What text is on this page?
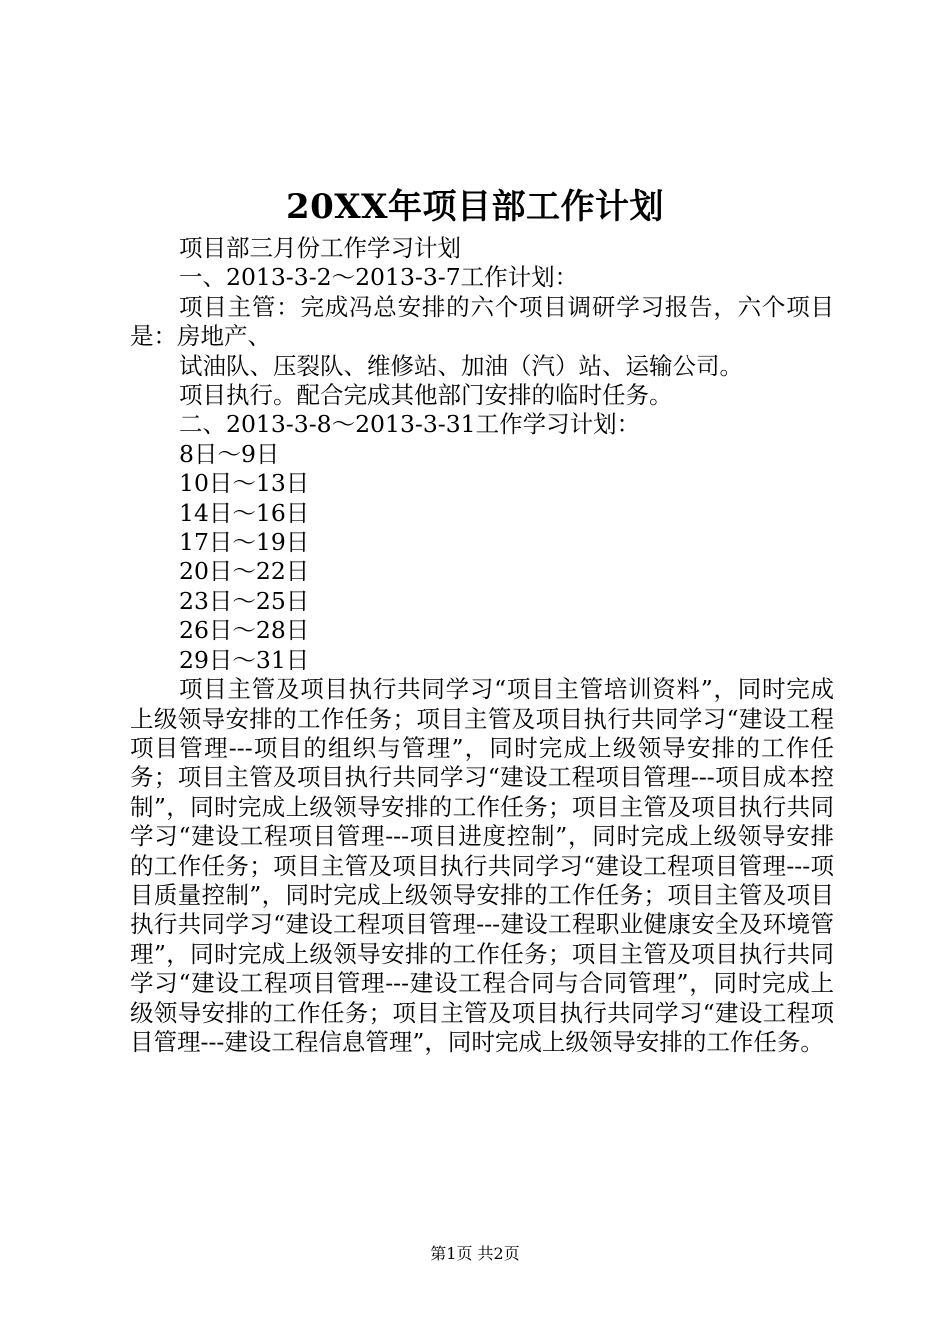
20XX年项目部工作计划

项目部三月份工作学习计划

一、2013-3-2～2013-3-7工作计划：

项目主管：完成冯总安排的六个项目调研学习报告，六个项目是：房地产、

试油队、压裂队、维修站、加油（汽）站、运输公司。

项目执行。配合完成其他部门安排的临时任务。

二、2013-3-8～2013-3-31工作学习计划：

8日～9日

10日～13日

14日～16日

17日～19日

20日～22日

23日～25日

26日～28日

29日～31日

项目主管及项目执行共同学习“项目主管培训资料”，同时完成上级领导安排的工作任务；项目主管及项目执行共同学习“建设工程项目管理---项目的组织与管理”，同时完成上级领导安排的工作任务；项目主管及项目执行共同学习“建设工程项目管理---项目成本控制”，同时完成上级领导安排的工作任务；项目主管及项目执行共同学习“建设工程项目管理---项目进度控制”，同时完成上级领导安排的工作任务；项目主管及项目执行共同学习“建设工程项目管理---项目质量控制”，同时完成上级领导安排的工作任务；项目主管及项目执行共同学习“建设工程项目管理---建设工程职业健康安全及环境管理”，同时完成上级领导安排的工作任务；项目主管及项目执行共同学习“建设工程项目管理---建设工程合同与合同管理”，同时完成上级领导安排的工作任务；项目主管及项目执行共同学习“建设工程项目管理---建设工程信息管理”，同时完成上级领导安排的工作任务。

第1页 共2页
